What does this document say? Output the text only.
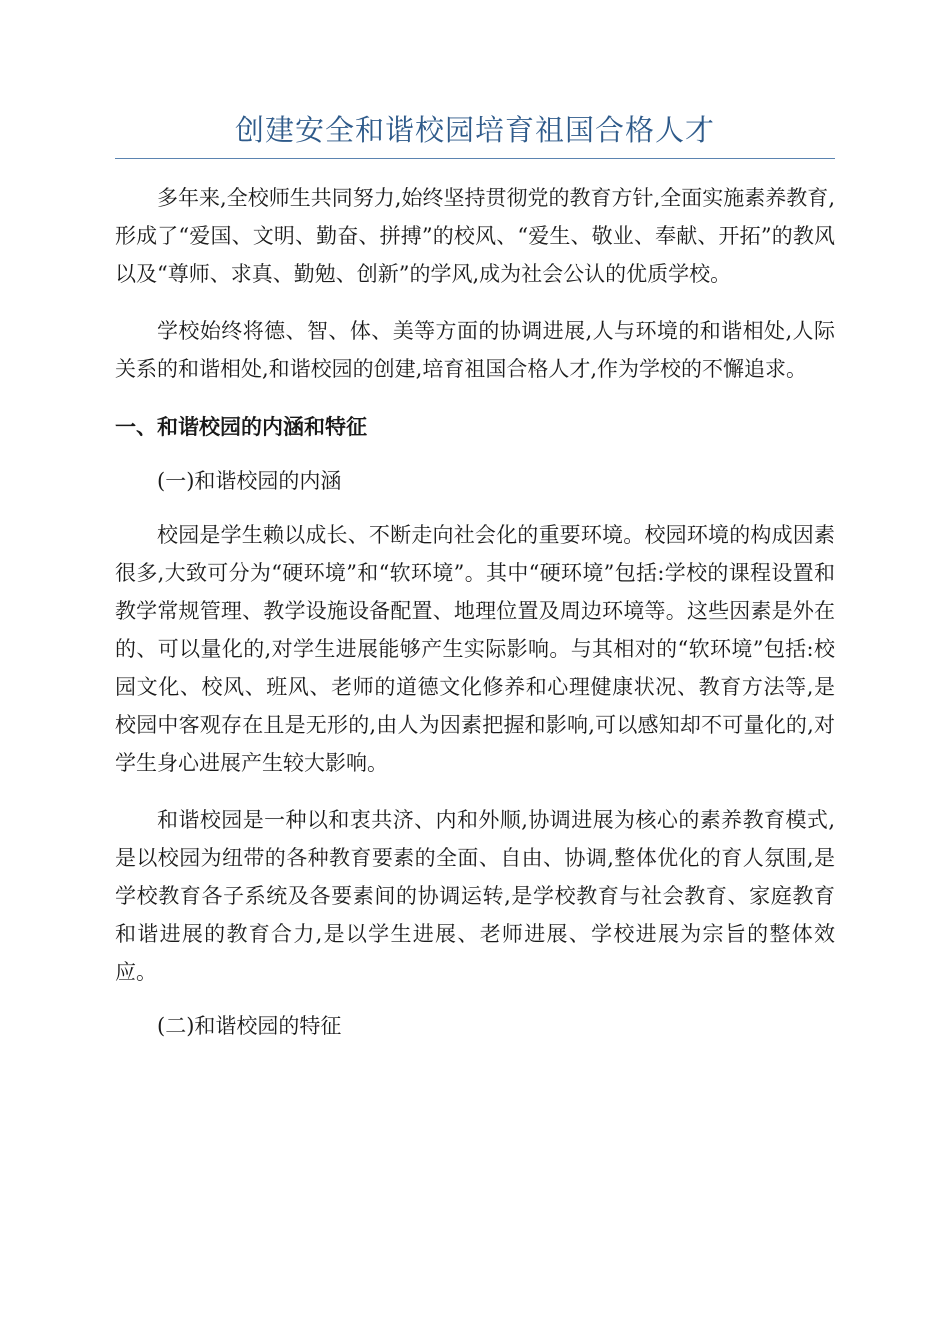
创建安全和谐校园培育祖国合格人才

多年来,全校师生共同努力,始终坚持贯彻党的教育方针,全面实施素养教育,形成了“爱国、文明、勤奋、拼搏”的校风、“爱生、敬业、奉献、开拓”的教风以及“尊师、求真、勤勉、创新”的学风,成为社会公认的优质学校。

学校始终将德、智、体、美等方面的协调进展,人与环境的和谐相处,人际关系的和谐相处,和谐校园的创建,培育祖国合格人才,作为学校的不懈追求。

一、和谐校园的内涵和特征

(一)和谐校园的内涵

校园是学生赖以成长、不断走向社会化的重要环境。校园环境的构成因素很多,大致可分为“硬环境”和“软环境”。其中“硬环境”包括:学校的课程设置和教学常规管理、教学设施设备配置、地理位置及周边环境等。这些因素是外在的、可以量化的,对学生进展能够产生实际影响。与其相对的“软环境”包括:校园文化、校风、班风、老师的道德文化修养和心理健康状况、教育方法等,是校园中客观存在且是无形的,由人为因素把握和影响,可以感知却不可量化的,对学生身心进展产生较大影响。

和谐校园是一种以和衷共济、内和外顺,协调进展为核心的素养教育模式,是以校园为纽带的各种教育要素的全面、自由、协调,整体优化的育人氛围,是学校教育各子系统及各要素间的协调运转,是学校教育与社会教育、家庭教育和谐进展的教育合力,是以学生进展、老师进展、学校进展为宗旨的整体效应。

(二)和谐校园的特征
